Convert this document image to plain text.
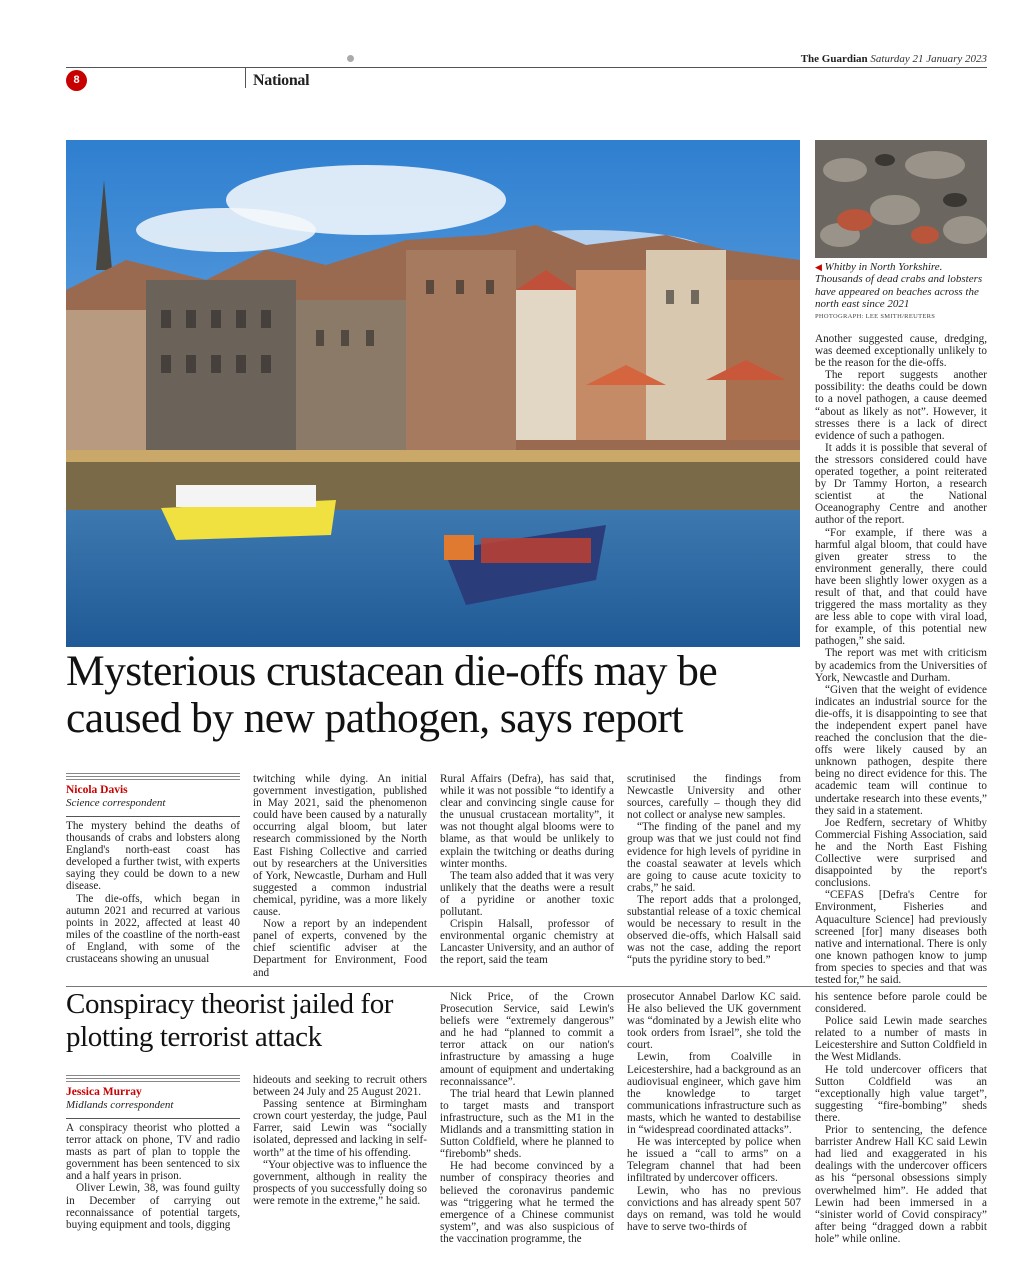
The Guardian Saturday 21 January 2023
8	National
◀ Whitby in North Yorkshire. Thousands of dead crabs and lobsters have appeared on beaches across the north east since 2021
PHOTOGRAPH: LEE SMITH/REUTERS
Mysterious crustacean die-offs may be caused by new pathogen, says report
Nicola Davis
Science correspondent

The mystery behind the deaths of thousands of crabs and lobsters along England's north-east coast has developed a further twist, with experts saying they could be down to a new disease.

The die-offs, which began in autumn 2021 and recurred at various points in 2022, affected at least 40 miles of the coastline of the north-east of England, with some of the crustaceans showing an unusual

twitching while dying. An initial government investigation, published in May 2021, said the phenomenon could have been caused by a naturally occurring algal bloom, but later research commissioned by the North East Fishing Collective and carried out by researchers at the Universities of York, Newcastle, Durham and Hull suggested a common industrial chemical, pyridine, was a more likely cause.

Now a report by an independent panel of experts, convened by the chief scientific adviser at the Department for Environment, Food and

Rural Affairs (Defra), has said that, while it was not possible “to identify a clear and convincing single cause for the unusual crustacean mortality”, it was not thought algal blooms were to blame, as that would be unlikely to explain the twitching or deaths during winter months.

The team also added that it was very unlikely that the deaths were a result of a pyridine or another toxic pollutant.

Crispin Halsall, professor of environmental organic chemistry at Lancaster University, and an author of the report, said the team

scrutinised the findings from Newcastle University and other sources, carefully – though they did not collect or analyse new samples.

“The finding of the panel and my group was that we just could not find evidence for high levels of pyridine in the coastal seawater at levels which are going to cause acute toxicity to crabs,” he said.

The report adds that a prolonged, substantial release of a toxic chemical would be necessary to result in the observed die-offs, which Halsall said was not the case, adding the report “puts the pyridine story to bed.”

Another suggested cause, dredging, was deemed exceptionally unlikely to be the reason for the die-offs.

The report suggests another possibility: the deaths could be down to a novel pathogen, a cause deemed “about as likely as not”. However, it stresses there is a lack of direct evidence of such a pathogen.

It adds it is possible that several of the stressors considered could have operated together, a point reiterated by Dr Tammy Horton, a research scientist at the National Oceanography Centre and another author of the report.

“For example, if there was a harmful algal bloom, that could have given greater stress to the environment generally, there could have been slightly lower oxygen as a result of that, and that could have triggered the mass mortality as they are less able to cope with viral load, for example, of this potential new pathogen,” she said.

The report was met with criticism by academics from the Universities of York, Newcastle and Durham.

“Given that the weight of evidence indicates an industrial source for the die-offs, it is disappointing to see that the independent expert panel have reached the conclusion that the die-offs were likely caused by an unknown pathogen, despite there being no direct evidence for this. The academic team will continue to undertake research into these events,” they said in a statement.

Joe Redfern, secretary of Whitby Commercial Fishing Association, said he and the North East Fishing Collective were surprised and disappointed by the report's conclusions.

“CEFAS [Defra's Centre for Environment, Fisheries and Aquaculture Science] had previously screened [for] many diseases both native and international. There is only one known pathogen know to jump from species to species and that was tested for,” he said.

Conspiracy theorist jailed for plotting terrorist attack
Jessica Murray
Midlands correspondent

A conspiracy theorist who plotted a terror attack on phone, TV and radio masts as part of plan to topple the government has been sentenced to six and a half years in prison.

Oliver Lewin, 38, was found guilty in December of carrying out reconnaissance of potential targets, buying equipment and tools, digging

hideouts and seeking to recruit others between 24 July and 25 August 2021.

Passing sentence at Birmingham crown court yesterday, the judge, Paul Farrer, said Lewin was “socially isolated, depressed and lacking in self-worth” at the time of his offending.

“Your objective was to influence the government, although in reality the prospects of you successfully doing so were remote in the extreme,” he said.

Nick Price, of the Crown Prosecution Service, said Lewin's beliefs were “extremely dangerous” and he had “planned to commit a terror attack on our nation's infrastructure by amassing a huge amount of equipment and undertaking reconnaissance”.

The trial heard that Lewin planned to target masts and transport infrastructure, such as the M1 in the Midlands and a transmitting station in Sutton Coldfield, where he planned to “firebomb” sheds.

He had become convinced by a number of conspiracy theories and believed the coronavirus pandemic was “triggering what he termed the emergence of a Chinese communist system”, and was also suspicious of the vaccination programme, the

prosecutor Annabel Darlow KC said. He also believed the UK government was “dominated by a Jewish elite who took orders from Israel”, she told the court.

Lewin, from Coalville in Leicestershire, had a background as an audiovisual engineer, which gave him the knowledge to target communications infrastructure such as masts, which he wanted to destabilise in “widespread coordinated attacks”.

He was intercepted by police when he issued a “call to arms” on a Telegram channel that had been infiltrated by undercover officers.

Lewin, who has no previous convictions and has already spent 507 days on remand, was told he would have to serve two-thirds of

his sentence before parole could be considered.

Police said Lewin made searches related to a number of masts in Leicestershire and Sutton Coldfield in the West Midlands.

He told undercover officers that Sutton Coldfield was an “exceptionally high value target”, suggesting “fire-bombing” sheds there.

Prior to sentencing, the defence barrister Andrew Hall KC said Lewin had lied and exaggerated in his dealings with the undercover officers as his “personal obsessions simply overwhelmed him”. He added that Lewin had been immersed in a “sinister world of Covid conspiracy” after being “dragged down a rabbit hole” while online.
